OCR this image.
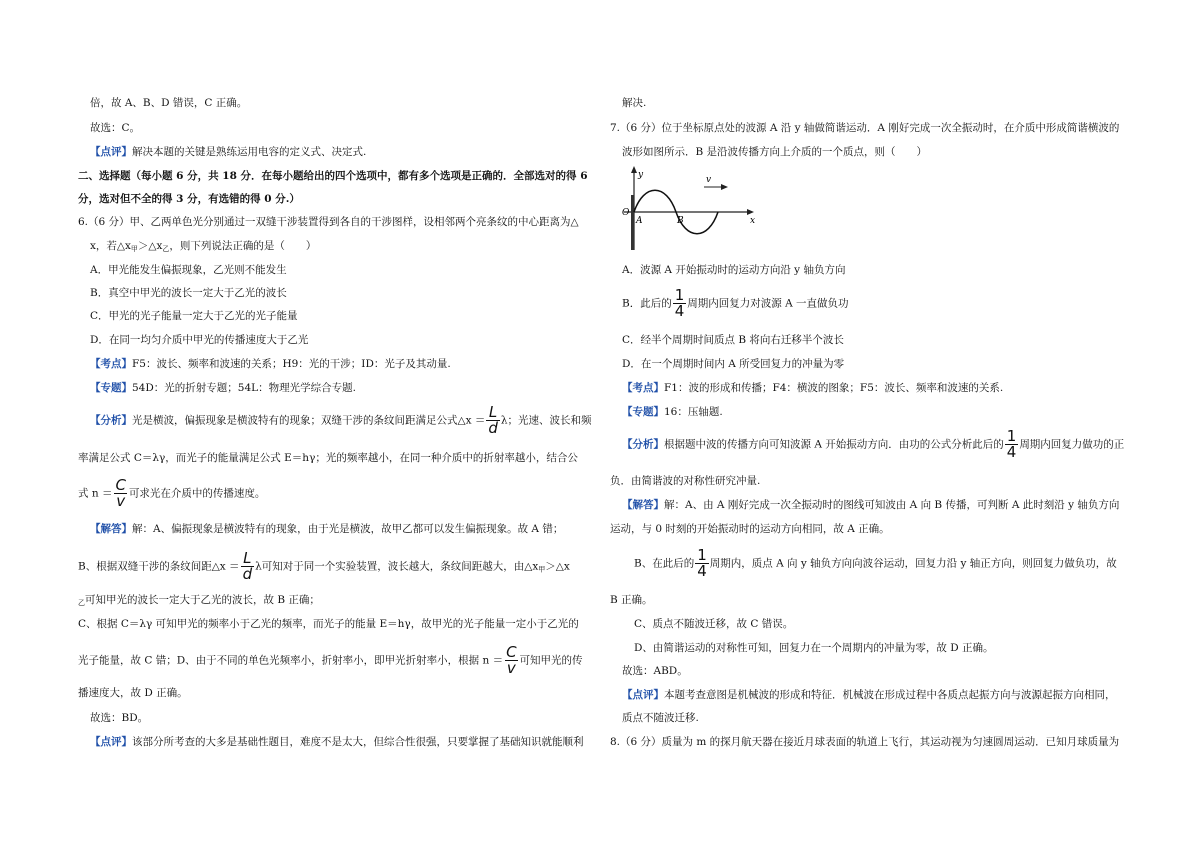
倍，故 A、B、D 错误，C 正确。
故选：C。
【点评】解决本题的关键是熟练运用电容的定义式、决定式.
二、选择题（每小题 6 分，共 18 分．在每小题给出的四个选项中，都有多个选项是正确的．全部选对的得 6
分，选对但不全的得 3 分，有选错的得 0 分.）
6.（6 分）甲、乙两单色光分别通过一双缝干涉装置得到各自的干涉图样，设相邻两个亮条纹的中心距离为△
x，若$\triangle x_甲>\triangle x_乙$，则下列说法正确的是（　　）
A．甲光能发生偏振现象，乙光则不能发生
B．真空中甲光的波长一定大于乙光的波长
C．甲光的光子能量一定大于乙光的光子能量
D．在同一均匀介质中甲光的传播速度大于乙光
【考点】F5：波长、频率和波速的关系；H9：光的干涉；ID：光子及其动量.
【专题】54D：光的折射专题；54L：物理光学综合专题.
【分析】光是横波，偏振现象是横波特有的现象；双缝干涉的条纹间距满足公式△x ＝ $\frac{L}{d}$ λ；光速、波长和频
率满足公式 C＝λγ，而光子的能量满足公式 E＝hγ；光的频率越小，在同一种介质中的折射率越小，结合公
式 $n = \frac{C}{v}$ 可求光在介质中的传播速度。
【解答】解：A、偏振现象是横波特有的现象，由于光是横波，故甲乙都可以发生偏振现象。故 A 错；
B、根据双缝干涉的条纹间距△x ＝ $\frac{L}{d}$ λ可知对于同一个实验装置，波长越大，条纹间距越大，由$\triangle x_甲>\triangle x$
$_乙$可知甲光的波长一定大于乙光的波长，故 B 正确；
C、根据 C＝λγ 可知甲光的频率小于乙光的频率，而光子的能量 E＝hγ，故甲光的光子能量一定小于乙光的
光子能量，故 C 错；D、由于不同的单色光频率小，折射率小，即甲光折射率小，根据 $n = \frac{C}{v}$ 可知甲光的传
播速度大，故 D 正确。
故选：BD。
【点评】该部分所考查的大多是基础性题目，难度不是太大，但综合性很强，只要掌握了基础知识就能顺利
解决.
7.（6 分）位于坐标原点处的波源 A 沿 y 轴做简谐运动．A 刚好完成一次全振动时，在介质中形成简谐横波的
波形如图所示．B 是沿波传播方向上介质的一个质点，则（　　）
A．波源 A 开始振动时的运动方向沿 y 轴负方向
B．此后的 $\frac{1}{4}$ 周期内回复力对波源 A 一直做负功
C．经半个周期时间质点 B 将向右迁移半个波长
D．在一个周期时间内 A 所受回复力的冲量为零
【考点】F1：波的形成和传播；F4：横波的图象；F5：波长、频率和波速的关系.
【专题】16：压轴题.
【分析】根据题中波的传播方向可知波源 A 开始振动方向．由功的公式分析此后的 $\frac{1}{4}$ 周期内回复力做功的正
负．由简谐波的对称性研究冲量.
【解答】解：A、由 A 刚好完成一次全振动时的图线可知波由 A 向 B 传播，可判断 A 此时刻沿 y 轴负方向
运动，与 0 时刻的开始振动时的运动方向相同，故 A 正确。
B、在此后的 $\frac{1}{4}$ 周期内，质点 A 向 y 轴负方向向波谷运动，回复力沿 y 轴正方向，则回复力做负功，故
B 正确。
C、质点不随波迁移，故 C 错误。
D、由简谐运动的对称性可知，回复力在一个周期内的冲量为零，故 D 正确。
故选：ABD。
【点评】本题考查意图是机械波的形成和特征．机械波在形成过程中各质点起振方向与波源起振方向相同，
质点不随波迁移.
8.（6 分）质量为 m 的探月航天器在接近月球表面的轨道上飞行，其运动视为匀速圆周运动．已知月球质量为
y	v
O
A	B	x
